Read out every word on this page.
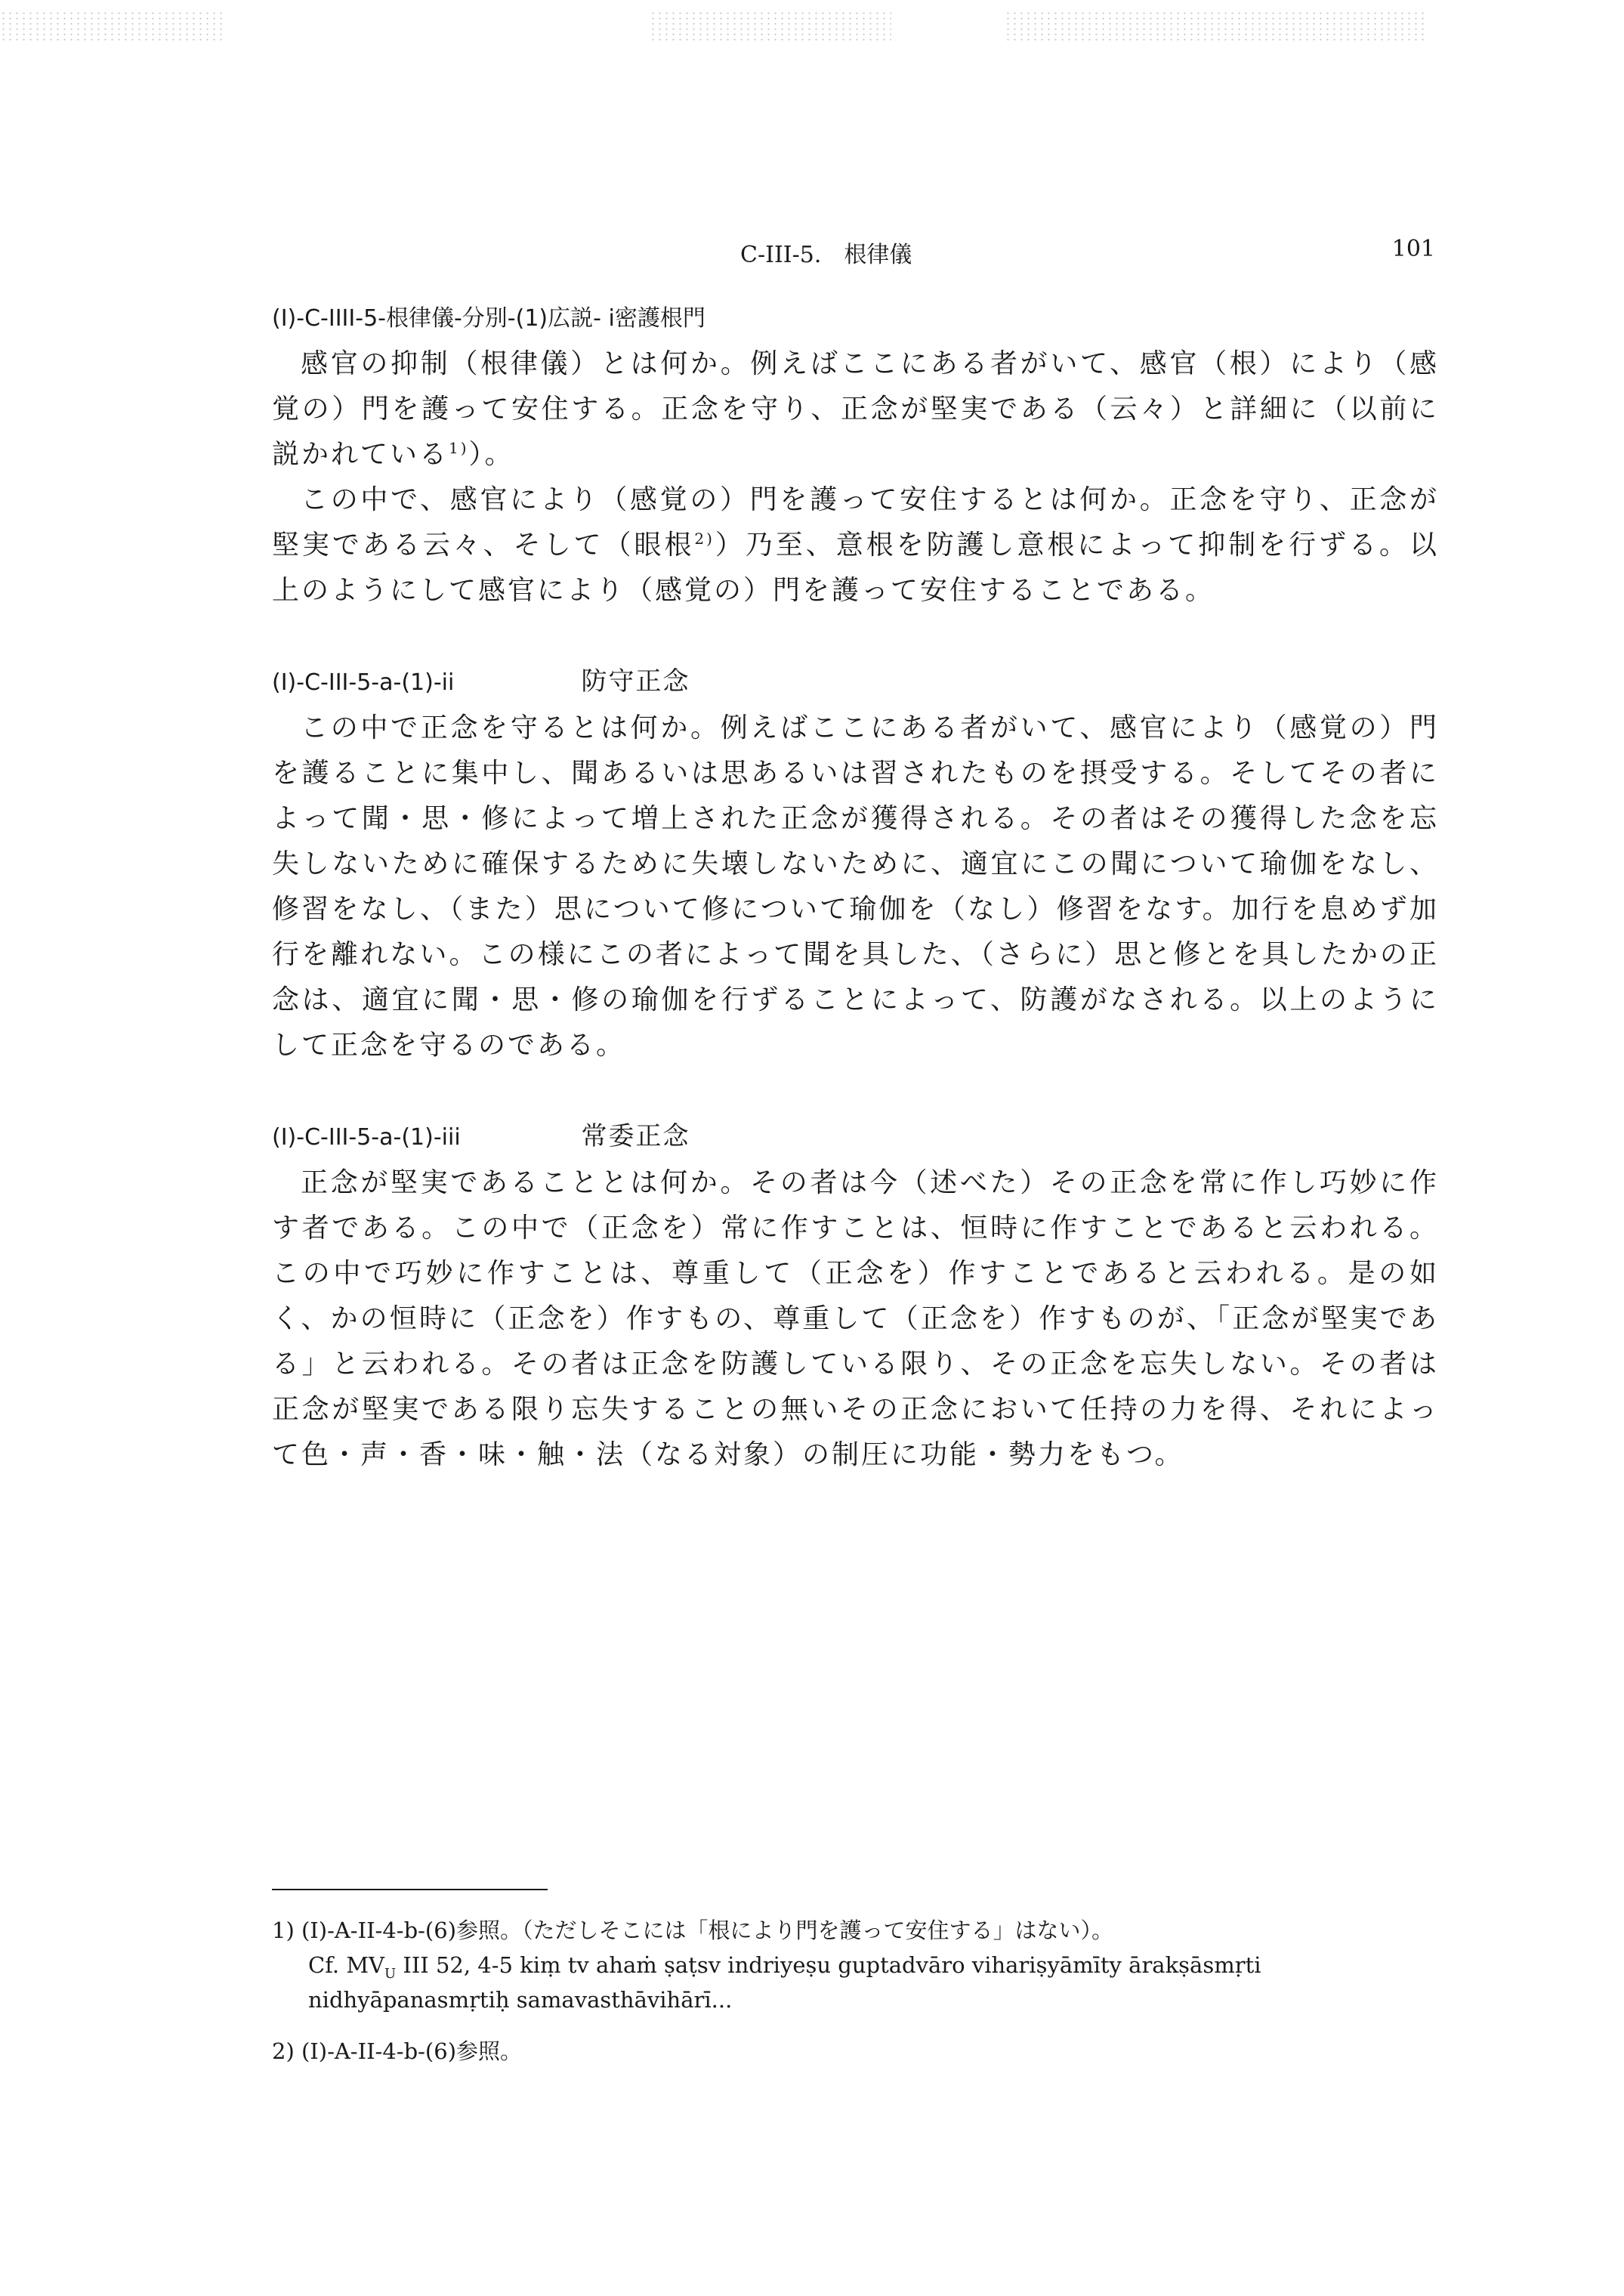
C-III-5.　根律儀	101
(I)-C-IIII-5-根律儀-分別-(1)広説- i密護根門

感官の抑制（根律儀）とは何か。例えばここにある者がいて、感官（根）により（感覚の）門を護って安住する。正念を守り、正念が堅実である（云々）と詳細に（以前に説かれている$^{1)}$）。

この中で、感官により（感覚の）門を護って安住するとは何か。正念を守り、正念が堅実である云々、そして（眼根$^{2)}$）乃至、意根を防護し意根によって抑制を行ずる。以上のようにして感官により（感覚の）門を護って安住することである。

(I)-C-III-5-a-(1)-ii	防守正念

この中で正念を守るとは何か。例えばここにある者がいて、感官により（感覚の）門を護ることに集中し、聞あるいは思あるいは習されたものを摂受する。そしてその者によって聞・思・修によって増上された正念が獲得される。その者はその獲得した念を忘失しないために確保するために失壊しないために、適宜にこの聞について瑜伽をなし、修習をなし、（また）思について修について瑜伽を（なし）修習をなす。加行を息めず加行を離れない。この様にこの者によって聞を具した、（さらに）思と修とを具したかの正念は、適宜に聞・思・修の瑜伽を行ずることによって、防護がなされる。以上のようにして正念を守るのである。

(I)-C-III-5-a-(1)-iii	常委正念

正念が堅実であることとは何か。その者は今（述べた）その正念を常に作し巧妙に作す者である。この中で（正念を）常に作すことは、恒時に作すことであると云われる。この中で巧妙に作すことは、尊重して（正念を）作すことであると云われる。是の如く、かの恒時に（正念を）作すもの、尊重して（正念を）作すものが、「正念が堅実である」と云われる。その者は正念を防護している限り、その正念を忘失しない。その者は正念が堅実である限り忘失することの無いその正念において任持の力を得、それによって色・声・香・味・触・法（なる対象）の制圧に功能・勢力をもつ。

1) (I)-A-II-4-b-(6)参照。（ただしそこには「根により門を護って安住する」はない）。

Cf. $MV_U$ III 52, 4-5 kiṃ tv ahaṁ ṣaṭsv indriyeṣu guptadvāro vihariṣyāmīty ārakṣāsmṛti

nidhyāpanasmṛtiḥ samavasthāvihārī...

2) (I)-A-II-4-b-(6)参照。
